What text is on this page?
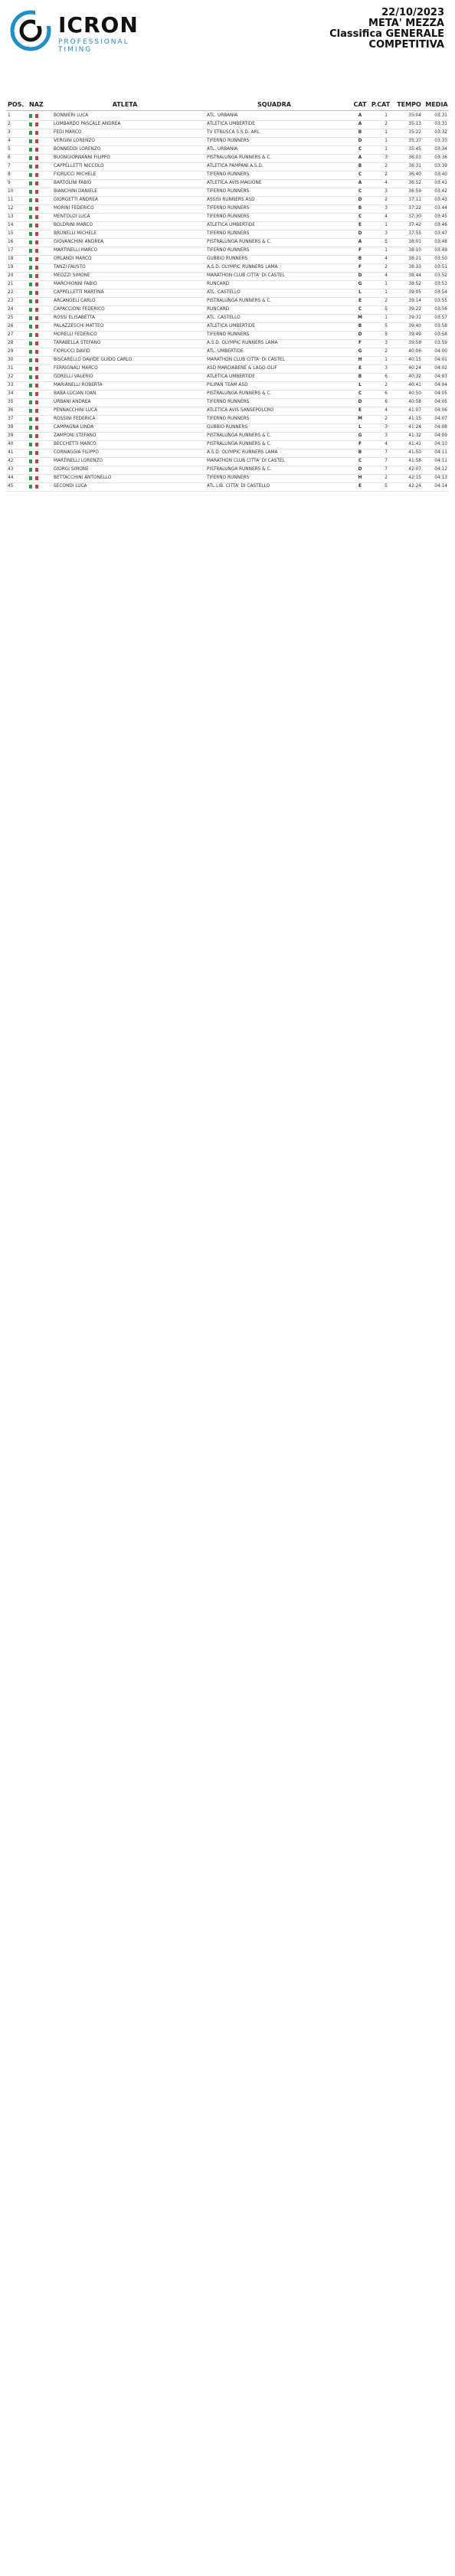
ICRON
PROFESSIONAL TIMING
22/10/2023
META' MEZZA
Classifica GENERALE
COMPETITIVA
POS. NAZ	ATLETA	SQUADRA	CAT P.CAT	TEMPO MEDIA
1	BONNIERI LUCA	ATL. URBANIA	A	1	35:04	03:31
2	LOMBARDO PASCALE ANDREA	ATLETICA UMBERTIDE	A	2	35:13	03:31
3	FEDI MARCO	TV ETRUSCA S.S.D. ARL	B	1	35:22	03:32
4	VERGINI LORENZO	TIFERNO RUNNERS	D	1	35:37	03:33
5	BONNEDDI LORENZO	ATL. URBANIA	C	1	35:45	03:34
6	BUONGIORNANNI FILIPPO	PISTRALUNGA RUNNERS & C.	A	3	36:03	03:36
7	CAPPELLETTI NICCOLO	ATLETICA PAMPANI A.S.D.	B	2	36:31	03:39
8	FIORUCCI MICHELE	TIFERNO RUNNERS	C	2	36:40	03:40
9	BARTOLINI FABIO	ATLETICA AVIS MAGIONE	A	4	36:52	03:41
10	BIANCHINI DANIELE	TIFERNO RUNNERS	C	3	36:59	03:42
11	GIORGETTI ANDREA	ASSISI RUNNERS ASD	D	2	37:11	03:43
12	MORINI FEDERICO	TIFERNO RUNNERS	B	3	37:22	03:44
13	MENTOLOI LUCA	TIFERNO RUNNERS	C	4	37:30	03:45
14	BOLDRINI MARCO	ATLETICA UMBERTIDE	E	1	37:42	03:46
15	BRUNELLI MICHELE	TIFERNO RUNNERS	D	3	37:55	03:47
16	GIOVANCHINI ANDREA	PISTRALUNGA RUNNERS & C.	A	5	38:01	03:48
17	MARTINELLI MARCO	TIFERNO RUNNERS	F	1	38:10	03:49
18	ORLANDI MARCO	GUBBIO RUNNERS	B	4	38:21	03:50
19	TANZI FAUSTO	A.S.D. OLYMPIC RUNNERS LAMA	F	2	38:33	03:51
20	MEOZZI SIMONE	MARATHON CLUB CITTA' DI CASTEL	D	4	38:44	03:52
21	MARCHIONNI FABIO	RUNCARD	G	1	38:52	03:53
22	CAPPELLETTI MARTINA	ATL. CASTELLO	L	1	39:05	03:54
23	ARCANGELI CARLO	PISTRALUNGA RUNNERS & C.	E	2	39:14	03:55
24	CAPACCIONI FEDERICO	RUNCARD	C	5	39:22	03:56
25	ROSSI ELISABETTA	ATL. CASTELLO	M	1	39:31	03:57
26	PALAZZESCHI MATTEO	ATLETICA UMBERTIDE	B	5	39:40	03:58
27	MORELLI FEDERICO	TIFERNO RUNNERS	D	5	39:49	03:58
28	TARABELLA STEFANO	A.S.D. OLYMPIC RUNNERS LAMA	F	3	39:58	03:59
29	FIORUCCI DAVID	ATL. UMBERTIDE	G	2	40:06	04:00
30	BISCARELLO DAVIDE GUIDO CARLO	MARATHON CLUB CITTA' DI CASTEL	H	1	40:15	04:01
31	FERRIGNALI MARCO	ASD MARCIABENE & LAGO-OLIF	E	3	40:24	04:02
32	GORELLI VALERIO	ATLETICA UMBERTIDE	B	6	40:32	04:03
33	MARIANELLI ROBERTA	PILIPAN TEAM ASD	L	2	40:41	04:04
34	BABA LUCIAN IOAN	PISTRALUNGA RUNNERS & C.	C	6	40:50	04:05
35	URBANI ANDREA	TIFERNO RUNNERS	D	6	40:58	04:05
36	PENNACCHINI LUCA	ATLETICA AVIS SANSEPOLCRO	E	4	41:07	04:06
37	ROSSINI FEDERICA	TIFERNO RUNNERS	M	2	41:15	04:07
38	CAMPAGNA LINDA	GUBBIO RUNNERS	L	3	41:24	04:08
39	ZAMPONI STEFANO	PISTRALUNGA RUNNERS & C.	G	3	41:32	04:09
40	BECCHETTI MARCO	PISTRALUNGA RUNNERS & C.	F	4	41:41	04:10
41	CORNAGGIA FILIPPO	A.S.D. OLYMPIC RUNNERS LAMA	B	7	41:50	04:11
42	MARTINELLI LORENZO	MARATHON CLUB CITTA' DI CASTEL	C	7	41:58	04:11
43	GIORGI SIMONE	PISTRALUNGA RUNNERS & C.	D	7	42:07	04:12
44	BETTACCHINI ANTONELLO	TIFERNO RUNNERS	H	2	42:15	04:13
45	SECONDI LUCA	ATL.LIB. CITTA' DI CASTELLO	E	5	42:24	04:14
